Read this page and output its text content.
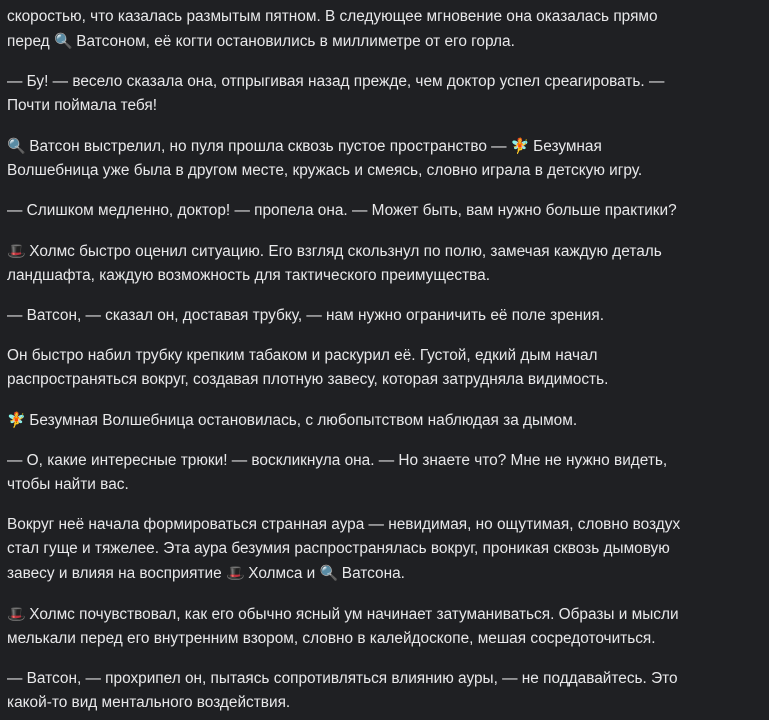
скоростью, что казалась размытым пятном. В следующее мгновение она оказалась прямо
перед 🔍 Ватсоном, её когти остановились в миллиметре от его горла.

— Бу! — весело сказала она, отпрыгивая назад прежде, чем доктор успел среагировать. —
Почти поймала тебя!

🔍 Ватсон выстрелил, но пуля прошла сквозь пустое пространство — 🧚 Безумная
Волшебница уже была в другом месте, кружась и смеясь, словно играла в детскую игру.

— Слишком медленно, доктор! — пропела она. — Может быть, вам нужно больше практики?

🎩 Холмс быстро оценил ситуацию. Его взгляд скользнул по полю, замечая каждую деталь
ландшафта, каждую возможность для тактического преимущества.

— Ватсон, — сказал он, доставая трубку, — нам нужно ограничить её поле зрения.

Он быстро набил трубку крепким табаком и раскурил её. Густой, едкий дым начал
распространяться вокруг, создавая плотную завесу, которая затрудняла видимость.

🧚 Безумная Волшебница остановилась, с любопытством наблюдая за дымом.

— О, какие интересные трюки! — воскликнула она. — Но знаете что? Мне не нужно видеть,
чтобы найти вас.

Вокруг неё начала формироваться странная аура — невидимая, но ощутимая, словно воздух
стал гуще и тяжелее. Эта аура безумия распространялась вокруг, проникая сквозь дымовую
завесу и влияя на восприятие 🎩 Холмса и 🔍 Ватсона.

🎩 Холмс почувствовал, как его обычно ясный ум начинает затуманиваться. Образы и мысли
мелькали перед его внутренним взором, словно в калейдоскопе, мешая сосредоточиться.

— Ватсон, — прохрипел он, пытаясь сопротивляться влиянию ауры, — не поддавайтесь. Это
какой-то вид ментального воздействия.
